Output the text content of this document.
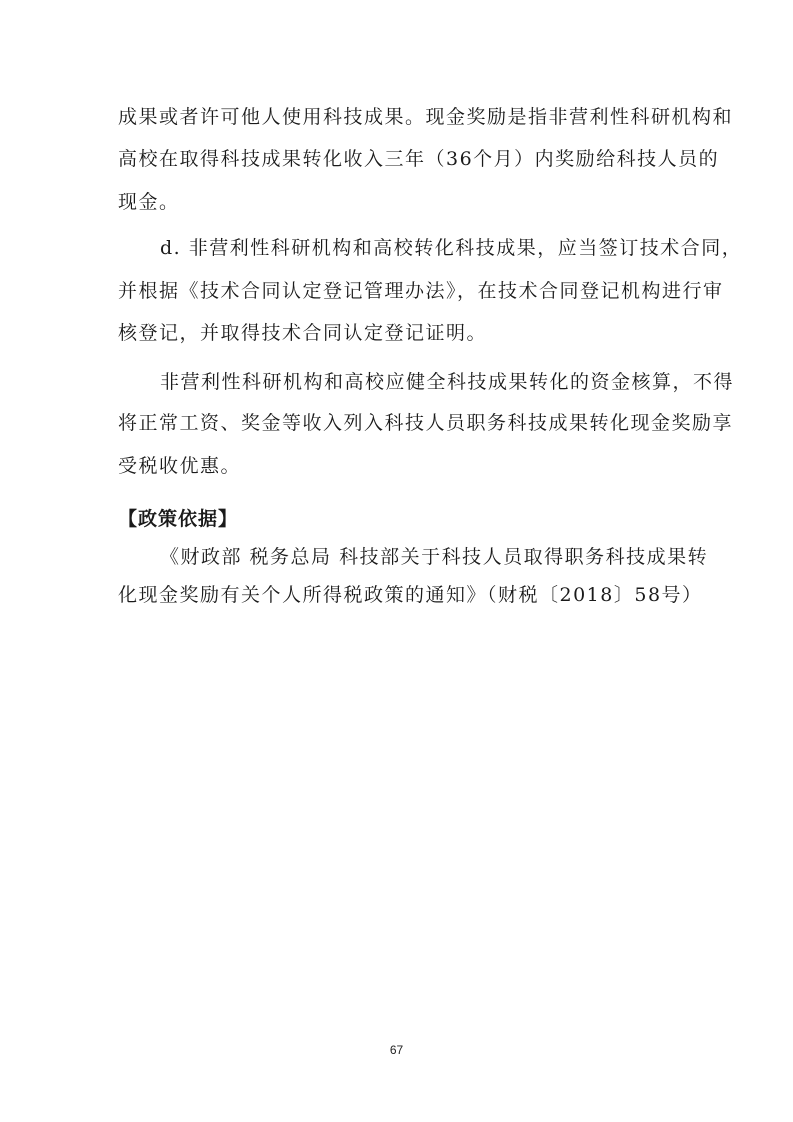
成果或者许可他人使用科技成果。现金奖励是指非营利性科研机构和
高校在取得科技成果转化收入三年（36个月）内奖励给科技人员的
现金。
d. 非营利性科研机构和高校转化科技成果，应当签订技术合同，
并根据《技术合同认定登记管理办法》，在技术合同登记机构进行审
核登记，并取得技术合同认定登记证明。
非营利性科研机构和高校应健全科技成果转化的资金核算，不得
将正常工资、奖金等收入列入科技人员职务科技成果转化现金奖励享
受税收优惠。
【政策依据】
《财政部 税务总局 科技部关于科技人员取得职务科技成果转
化现金奖励有关个人所得税政策的通知》（财税〔2018〕58号）
67
